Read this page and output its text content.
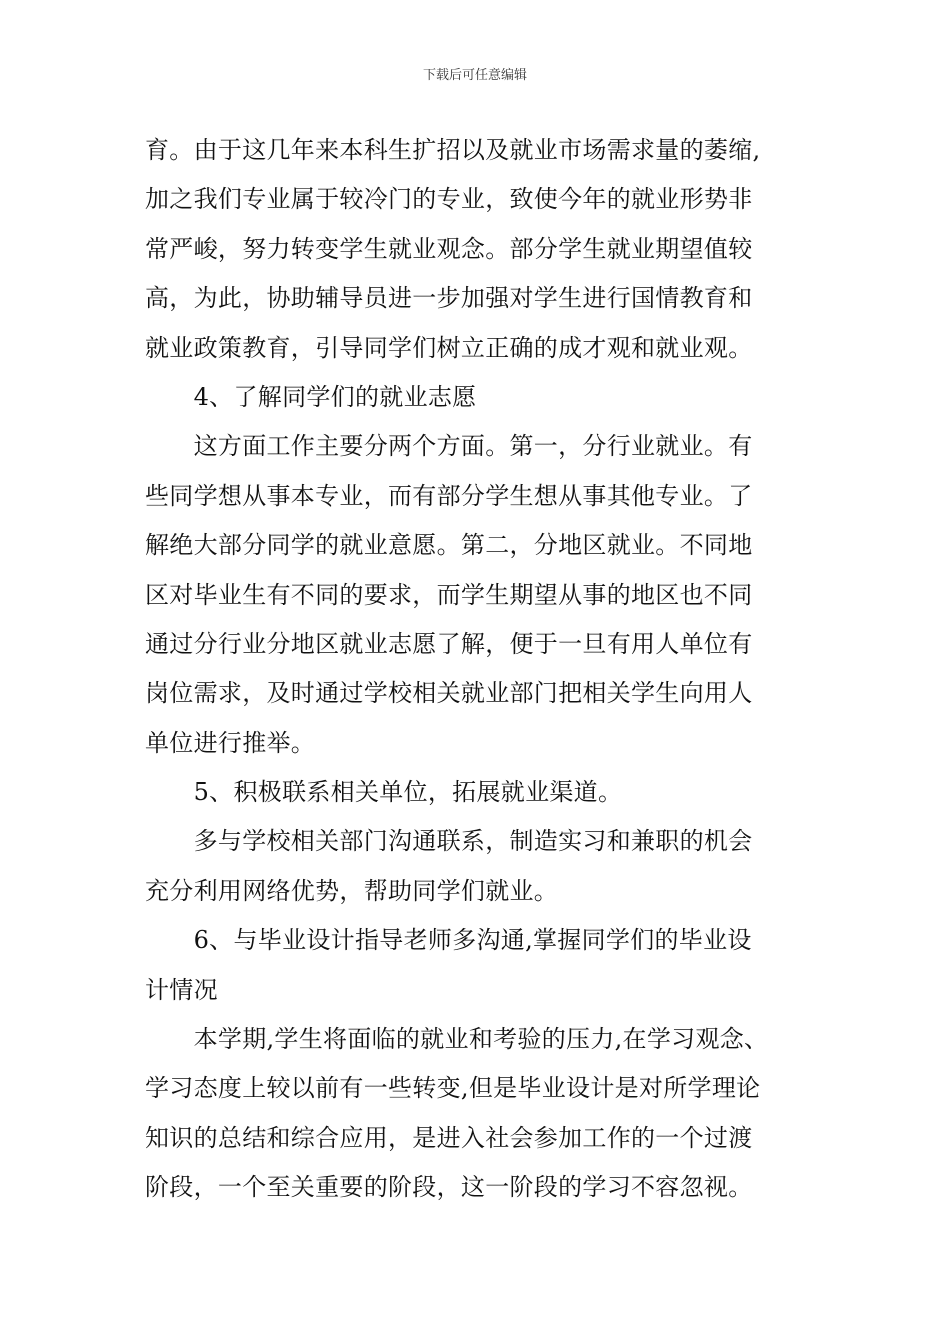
下载后可任意编辑
育。由于这几年来本科生扩招以及就业市场需求量的萎缩,
加之我们专业属于较冷门的专业，致使今年的就业形势非
常严峻，努力转变学生就业观念。部分学生就业期望值较
高，为此，协助辅导员进一步加强对学生进行国情教育和
就业政策教育，引导同学们树立正确的成才观和就业观。
　　4、了解同学们的就业志愿
　　这方面工作主要分两个方面。第一，分行业就业。有
些同学想从事本专业，而有部分学生想从事其他专业。了
解绝大部分同学的就业意愿。第二，分地区就业。不同地
区对毕业生有不同的要求，而学生期望从事的地区也不同
通过分行业分地区就业志愿了解，便于一旦有用人单位有
岗位需求，及时通过学校相关就业部门把相关学生向用人
单位进行推举。
　　5、积极联系相关单位，拓展就业渠道。
　　多与学校相关部门沟通联系，制造实习和兼职的机会
充分利用网络优势，帮助同学们就业。
　　6、与毕业设计指导老师多沟通,掌握同学们的毕业设
计情况
　　本学期,学生将面临的就业和考验的压力,在学习观念、
学习态度上较以前有一些转变,但是毕业设计是对所学理论
知识的总结和综合应用，是进入社会参加工作的一个过渡
阶段，一个至关重要的阶段，这一阶段的学习不容忽视。
